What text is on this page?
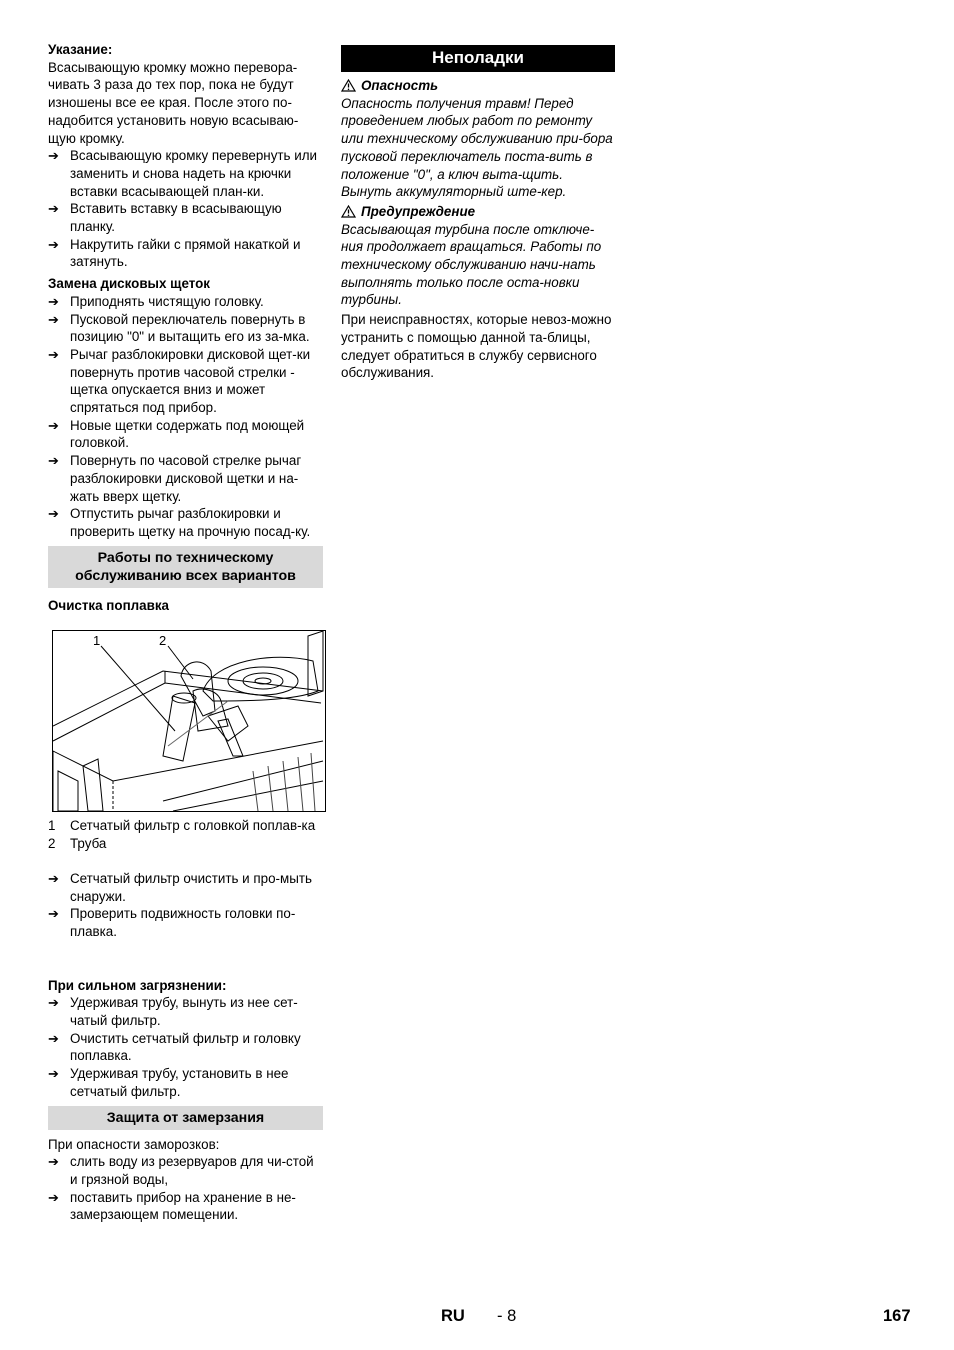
Указание:

Всасывающую кромку можно перевора-чивать 3 раза до тех пор, пока не будут изношены все ее края. После этого по-надобится установить новую всасываю-щую кромку.

➔ Всасывающую кромку перевернуть или заменить и снова надеть на крючки вставки всасывающей план-ки.
➔ Вставить вставку в всасывающую планку.
➔ Накрутить гайки с прямой накаткой и затянуть.

Замена дисковых щеток

➔ Приподнять чистящую головку.
➔ Пусковой переключатель повернуть в позицию "0" и вытащить его из за-мка.
➔ Рычаг разблокировки дисковой щет-ки повернуть против часовой стрелки - щетка опускается вниз и может спрятаться под прибор.
➔ Новые щетки содержать под моющей головкой.
➔ Повернуть по часовой стрелке рычаг разблокировки дисковой щетки и на-жать вверх щетку.
➔ Отпустить рычаг разблокировки и проверить щетку на прочную посад-ку.
Работы по техническому обслуживанию всех вариантов

Очистка поплавка

1	2
1 Сетчатый фильтр с головкой поплав-ка
2 Труба
➔ Сетчатый фильтр очистить и про-мыть снаружи.
➔ Проверить подвижность головки по-плавка.

При сильном загрязнении:

➔ Удерживая трубу, вынуть из нее сет-чатый фильтр.
➔ Очистить сетчатый фильтр и головку поплавка.
➔ Удерживая трубу, установить в нее сетчатый фильтр.
Защита от замерзания

При опасности заморозков:

➔ слить воду из резервуаров для чи-стой и грязной воды,
➔ поставить прибор на хранение в не-замерзающем помещении.
Неполадки
Опасность

Опасность получения травм! Перед проведением любых работ по ремонту или техническому обслуживанию при-бора пусковой переключатель поста-вить в положение "0", а ключ выта-щить. Вынуть аккумуляторный ште-кер.

Предупреждение

Всасывающая турбина после отключе-ния продолжает вращаться. Работы по техническому обслуживанию начи-нать выполнять только после оста-новки турбины.

При неисправностях, которые невоз-можно устранить с помощью данной та-блицы, следует обратиться в службу сервисного обслуживания.

RU - 8	167
